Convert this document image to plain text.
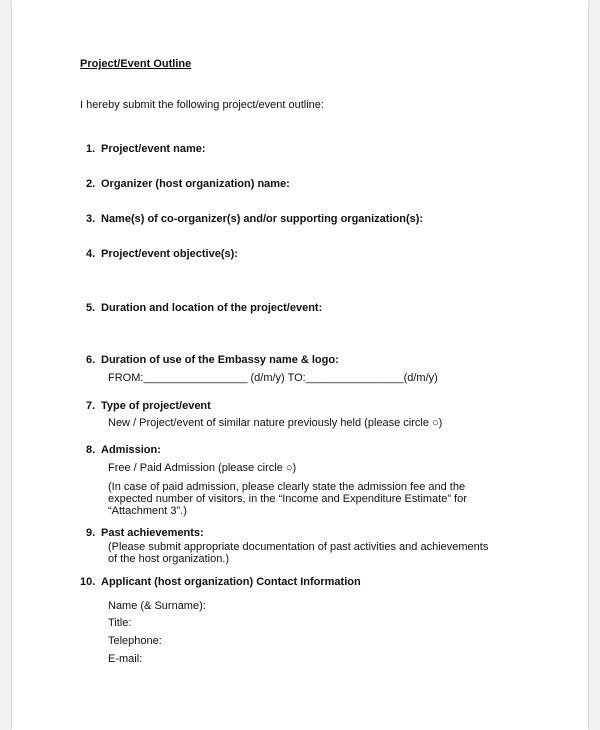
Project/Event Outline
I hereby submit the following project/event outline:
1. Project/event name:
2. Organizer (host organization) name:
3. Name(s) of co-organizer(s) and/or supporting organization(s):
4. Project/event objective(s):
5. Duration and location of the project/event:
6. Duration of use of the Embassy name & logo:
FROM:_________________ (d/m/y) TO:________________(d/m/y)
7. Type of project/event
New / Project/event of similar nature previously held (please circle ○)
8. Admission:
Free / Paid Admission (please circle ○)
(In case of paid admission, please clearly state the admission fee and the
expected number of visitors, in the “Income and Expenditure Estimate” for
“Attachment 3”.)
9. Past achievements:
(Please submit appropriate documentation of past activities and achievements
of the host organization.)
10. Applicant (host organization) Contact Information
Name (& Surname):
Title:
Telephone:
E-mail:
